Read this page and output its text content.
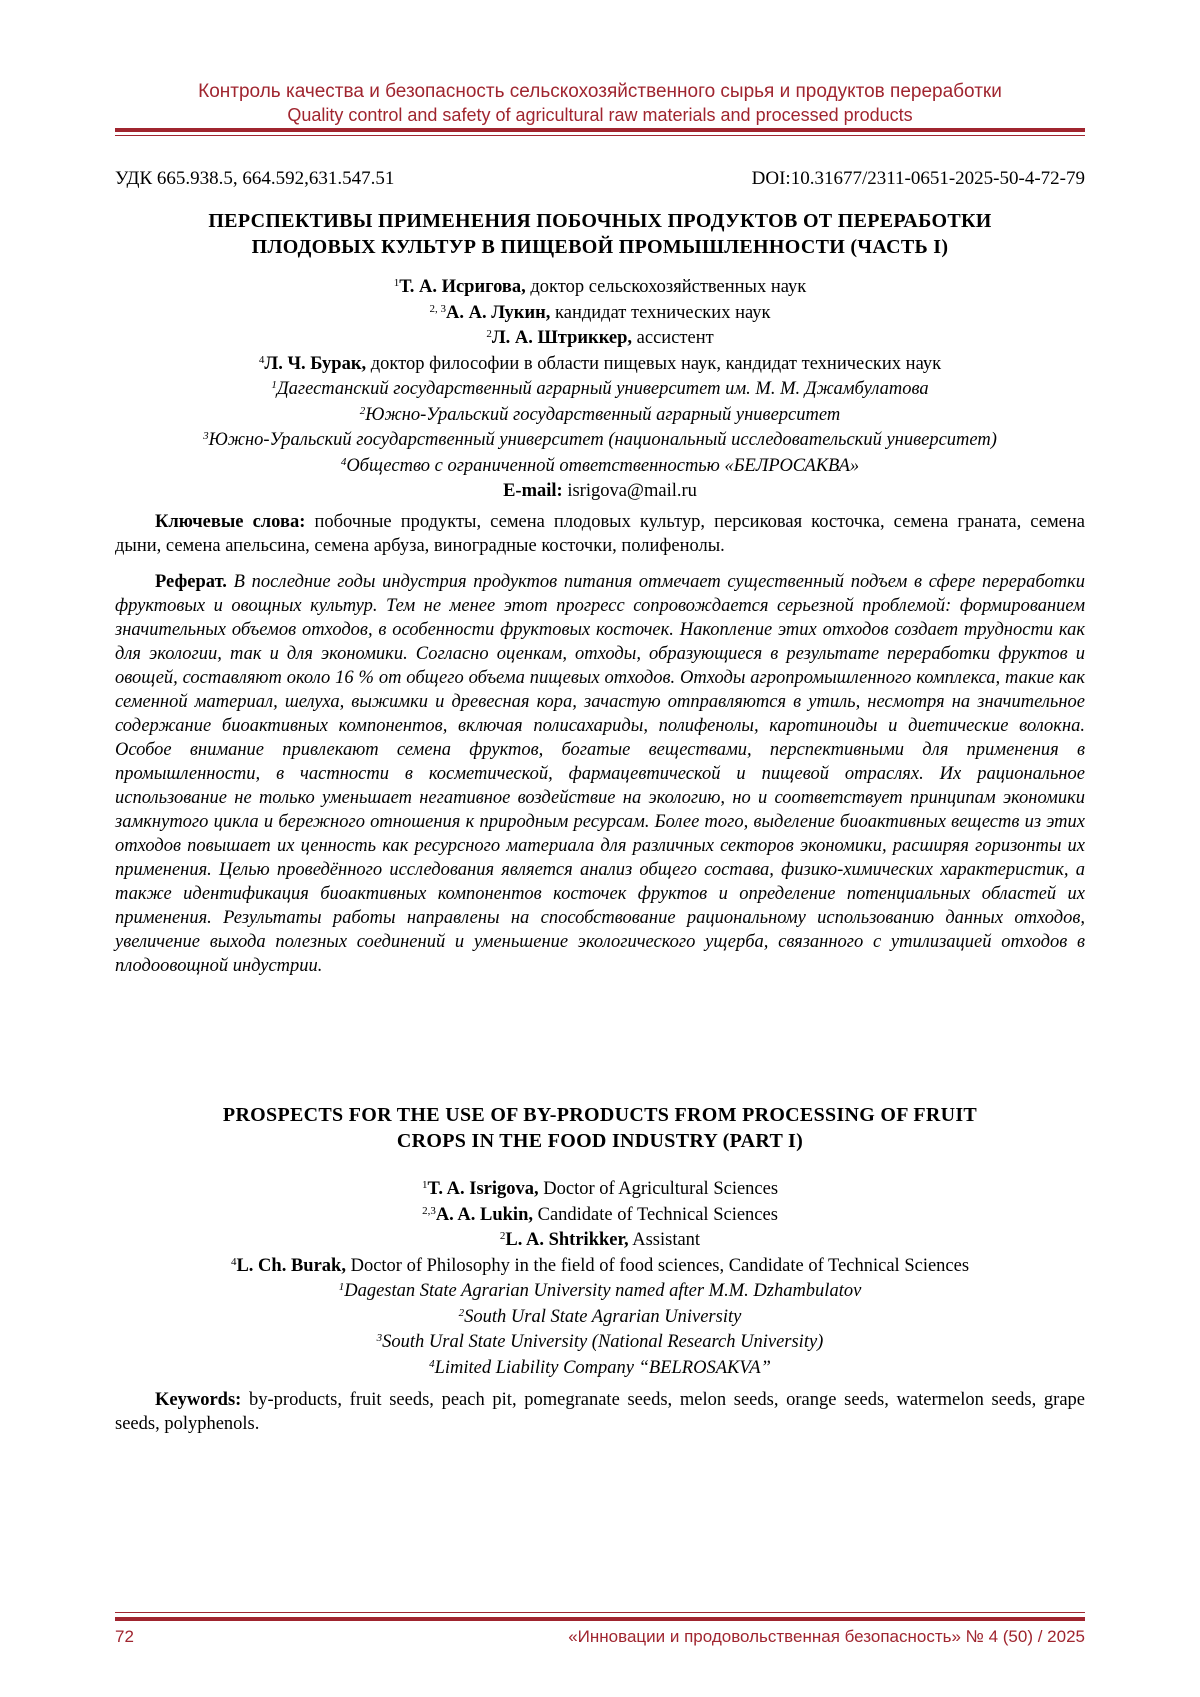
Контроль качества и безопасность сельскохозяйственного сырья и продуктов переработки
Quality control and safety of agricultural raw materials and processed products
УДК 665.938.5, 664.592,631.547.51	DOI:10.31677/2311-0651-2025-50-4-72-79
ПЕРСПЕКТИВЫ ПРИМЕНЕНИЯ ПОБОЧНЫХ ПРОДУКТОВ ОТ ПЕРЕРАБОТКИ
ПЛОДОВЫХ КУЛЬТУР В ПИЩЕВОЙ ПРОМЫШЛЕННОСТИ (ЧАСТЬ I)
$^1$Т. А. Исригова, доктор сельскохозяйственных наук
$^{2, 3}$А. А. Лукин, кандидат технических наук
$^2$Л. А. Штриккер, ассистент
$^4$Л. Ч. Бурак, доктор философии в области пищевых наук, кандидат технических наук
$^1$Дагестанский государственный аграрный университет им. М. М. Джамбулатова
$^2$Южно-Уральский государственный аграрный университет
$^3$Южно-Уральский государственный университет (национальный исследовательский университет)
$^4$Общество с ограниченной ответственностью «БЕЛРОСАКВА»
E-mail: isrigova@mail.ru
Ключевые слова: побочные продукты, семена плодовых культур, персиковая косточка, семена граната, семена дыни, семена апельсина, семена арбуза, виноградные косточки, полифенолы.
Реферат. В последние годы индустрия продуктов питания отмечает существенный подъем в сфере переработки фруктовых и овощных культур. Тем не менее этот прогресс сопровождается серьезной проблемой: формированием значительных объемов отходов, в особенности фруктовых косточек. Накопление этих отходов создает трудности как для экологии, так и для экономики. Согласно оценкам, отходы, образующиеся в результате переработки фруктов и овощей, составляют около 16 % от общего объема пищевых отходов. Отходы агропромышленного комплекса, такие как семенной материал, шелуха, выжимки и древесная кора, зачастую отправляются в утиль, несмотря на значительное содержание биоактивных компонентов, включая полисахариды, полифенолы, каротиноиды и диетические волокна. Особое внимание привлекают семена фруктов, богатые веществами, перспективными для применения в промышленности, в частности в косметической, фармацевтической и пищевой отраслях. Их рациональное использование не только уменьшает негативное воздействие на экологию, но и соответствует принципам экономики замкнутого цикла и бережного отношения к природным ресурсам. Более того, выделение биоактивных веществ из этих отходов повышает их ценность как ресурсного материала для различных секторов экономики, расширяя горизонты их применения. Целью проведённого исследования является анализ общего состава, физико-химических характеристик, а также идентификация биоактивных компонентов косточек фруктов и определение потенциальных областей их применения. Результаты работы направлены на способствование рациональному использованию данных отходов, увеличение выхода полезных соединений и уменьшение экологического ущерба, связанного с утилизацией отходов в плодоовощной индустрии.
PROSPECTS FOR THE USE OF BY-PRODUCTS FROM PROCESSING OF FRUIT
CROPS IN THE FOOD INDUSTRY (PART I)
$^1$T. A. Isrigova, Doctor of Agricultural Sciences
$^{2,3}$A. A. Lukin, Candidate of Technical Sciences
$^2$L. A. Shtrikker, Assistant
$^4$L. Ch. Burak, Doctor of Philosophy in the field of food sciences, Candidate of Technical Sciences
$^1$Dagestan State Agrarian University named after M.M. Dzhambulatov
$^2$South Ural State Agrarian University
$^3$South Ural State University (National Research University)
$^4$Limited Liability Company “BELROSAKVA”
Keywords: by-products, fruit seeds, peach pit, pomegranate seeds, melon seeds, orange seeds, watermelon seeds, grape seeds, polyphenols.
72	«Инновации и продовольственная безопасность» № 4 (50) / 2025
